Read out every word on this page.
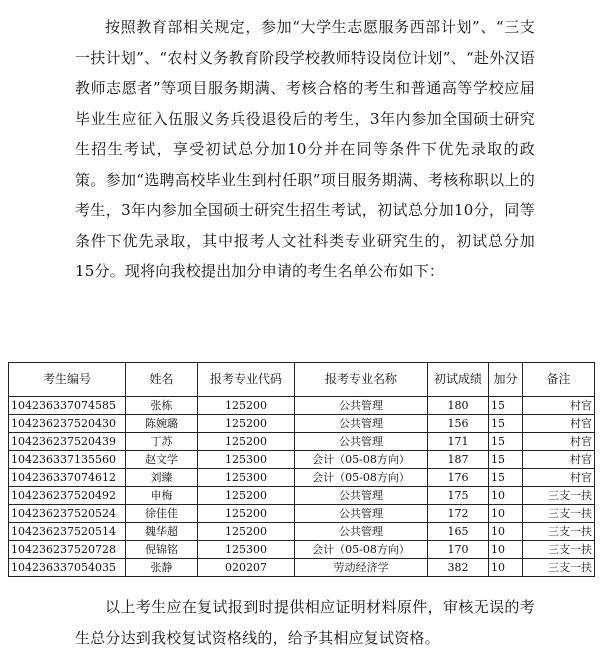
按照教育部相关规定，参加“大学生志愿服务西部计划”、“三支一扶计划”、“农村义务教育阶段学校教师特设岗位计划”、“赴外汉语教师志愿者”等项目服务期满、考核合格的考生和普通高等学校应届毕业生应征入伍服义务兵役退役后的考生，3年内参加全国硕士研究生招生考试，享受初试总分加10分并在同等条件下优先录取的政策。参加“选聘高校毕业生到村任职”项目服务期满、考核称职以上的考生，3年内参加全国硕士研究生招生考试，初试总分加10分，同等条件下优先录取，其中报考人文社科类专业研究生的，初试总分加15分。现将向我校提出加分申请的考生名单公布如下：

考生编号	姓名	报考专业代码	报考专业名称	初试成绩	加分	备注
104236337074585	张栋	125200	公共管理	180	15	村官
104236237520430	陈婉璐	125200	公共管理	156	15	村官
104236237520439	丁苏	125200	公共管理	171	15	村官
104236337135560	赵文学	125300	会计（05-08方向）	187	15	村官
104236337074612	刘臻	125300	会计（05-08方向）	176	15	村官
104236237520492	申梅	125200	公共管理	175	10	三支一扶
104236237520524	徐佳佳	125200	公共管理	172	10	三支一扶
104236237520514	魏华超	125200	公共管理	165	10	三支一扶
104236237520728	倪锦铭	125300	会计（05-08方向）	170	10	三支一扶
104236337054035	张静	020207	劳动经济学	382	10	三支一扶

以上考生应在复试报到时提供相应证明材料原件，审核无误的考生总分达到我校复试资格线的，给予其相应复试资格。
